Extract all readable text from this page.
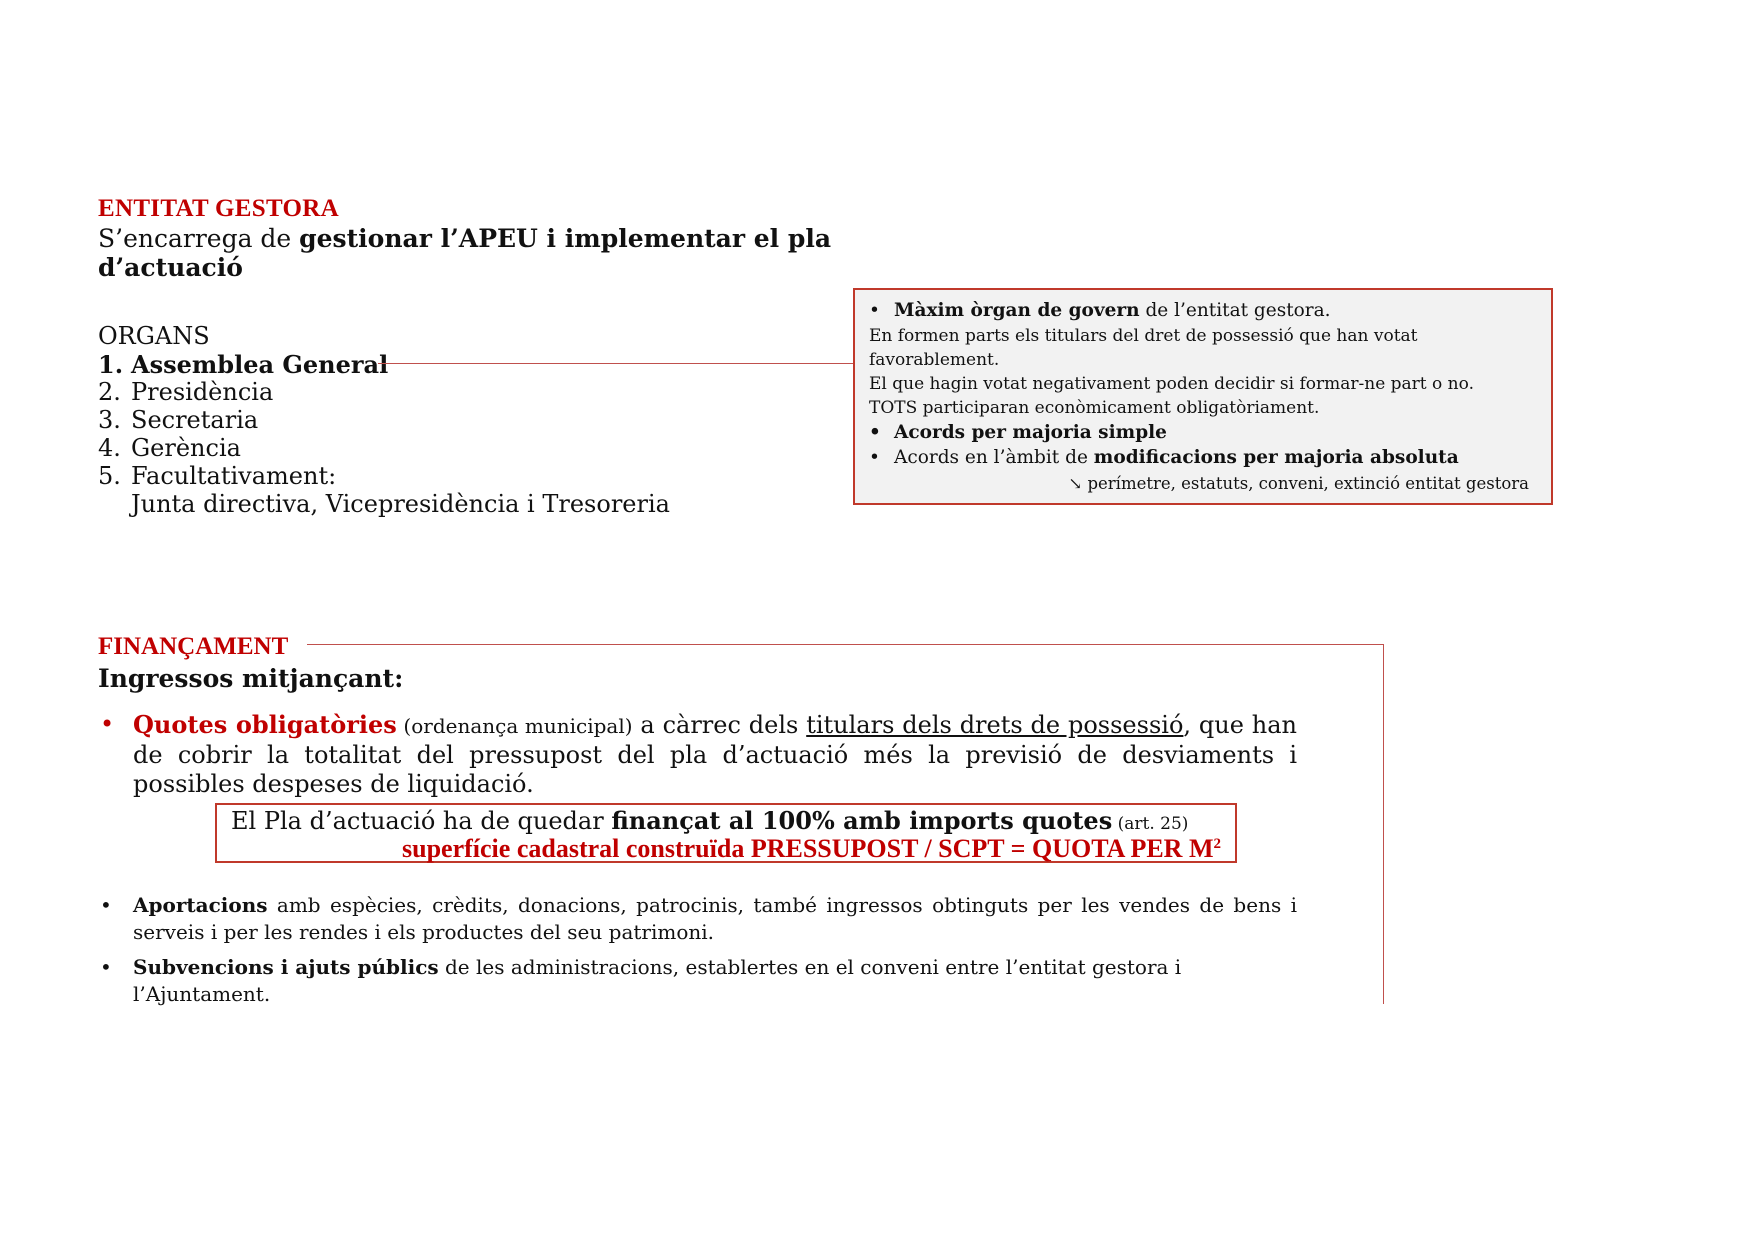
ENTITAT GESTORA
S’encarrega de gestionar l’APEU i implementar el pla
d’actuació
ORGANS
1. Assemblea General
2. Presidència
3. Secretaria
4. Gerència
5. Facultativament:
Junta directiva, Vicepresidència i Tresoreria
• Màxim òrgan de govern de l’entitat gestora.
En formen parts els titulars del dret de possessió que han votat
favorablement.
El que hagin votat negativament poden decidir si formar-ne part o no.
TOTS participaran econòmicament obligatòriament.
• Acords per majoria simple
• Acords en l’àmbit de modificacions per majoria absoluta
↘ perímetre, estatuts, conveni, extinció entitat gestora
FINANÇAMENT
Ingressos mitjançant:
• Quotes obligatòries (ordenança municipal) a càrrec dels titulars dels drets de possessió, que han de cobrir la totalitat del pressupost del pla d’actuació més la previsió de desviaments i possibles despeses de liquidació.
El Pla d’actuació ha de quedar finançat al 100% amb imports quotes (art. 25)
superfície cadastral construïda PRESSUPOST / SCPT = QUOTA PER $M^2$
• Aportacions amb espècies, crèdits, donacions, patrocinis, també ingressos obtinguts per les vendes de bens i serveis i per les rendes i els productes del seu patrimoni.
• Subvencions i ajuts públics de les administracions, establertes en el conveni entre l’entitat gestora i l’Ajuntament.
